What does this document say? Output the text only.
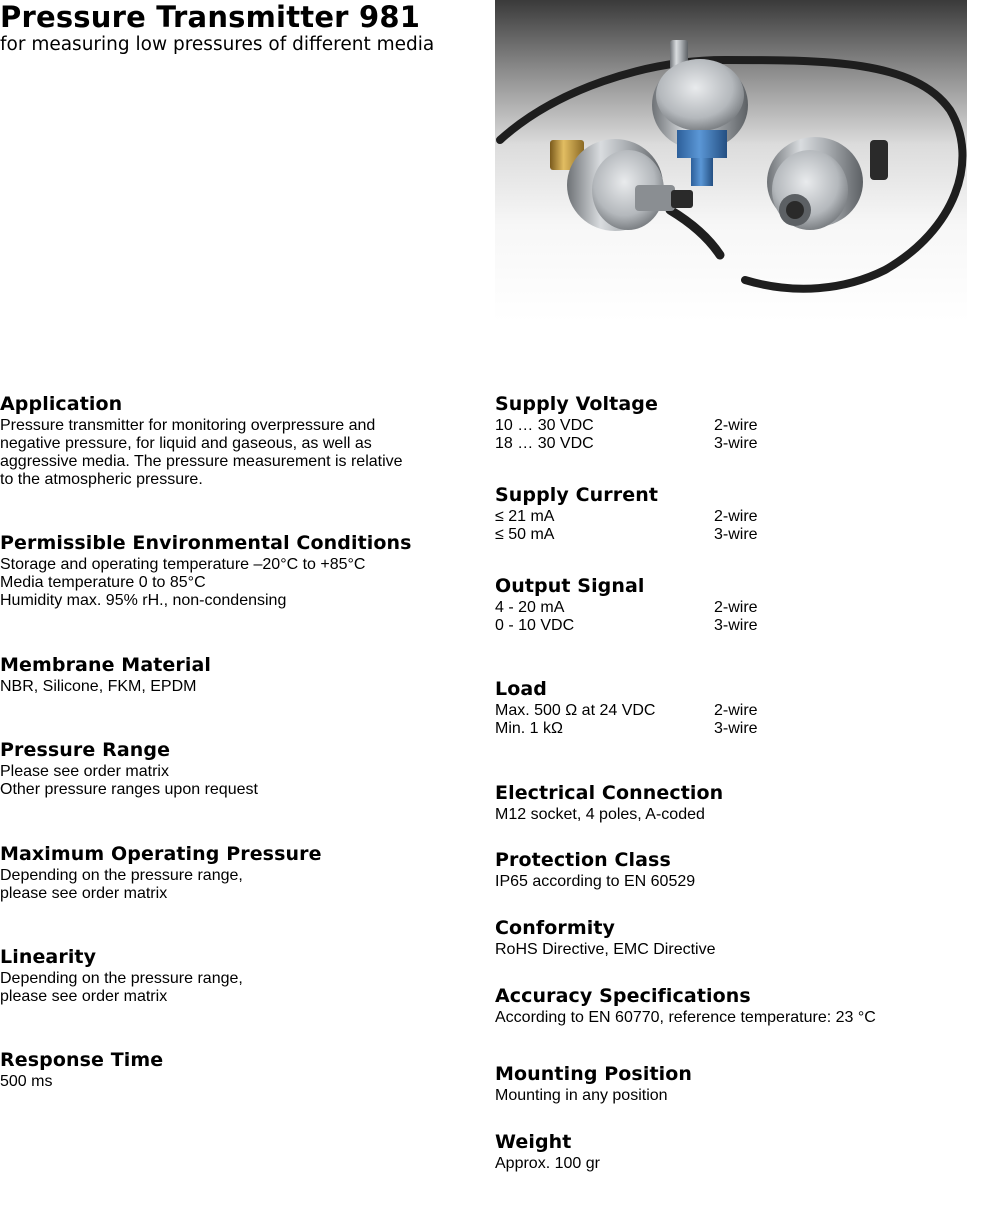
Pressure Transmitter 981
for measuring low pressures of different media
Application

Pressure transmitter for monitoring overpressure and

negative pressure, for liquid and gaseous, as well as

aggressive media. The pressure measurement is relative

to the atmospheric pressure.

Permissible Environmental Conditions

Storage and operating temperature –20°C to +85°C

Media temperature 0 to 85°C

Humidity max. 95% rH., non-condensing

Membrane Material

NBR, Silicone, FKM, EPDM

Pressure Range

Please see order matrix

Other pressure ranges upon request

Maximum Operating Pressure

Depending on the pressure range,

please see order matrix

Linearity

Depending on the pressure range,

please see order matrix

Response Time

500 ms

Supply Voltage
10 … 30 VDC	2-wire
18 … 30 VDC	3-wire
Supply Current
≤ 21 mA	2-wire
≤ 50 mA	3-wire
Output Signal
4 - 20 mA	2-wire
0 - 10 VDC	3-wire
Load
Max. 500 Ω at 24 VDC	2-wire
Min. 1 kΩ	3-wire
Electrical Connection

M12 socket, 4 poles, A-coded

Protection Class

IP65 according to EN 60529

Conformity

RoHS Directive, EMC Directive

Accuracy Specifications

According to EN 60770, reference temperature: 23 °C

Mounting Position

Mounting in any position

Weight

Approx. 100 gr
